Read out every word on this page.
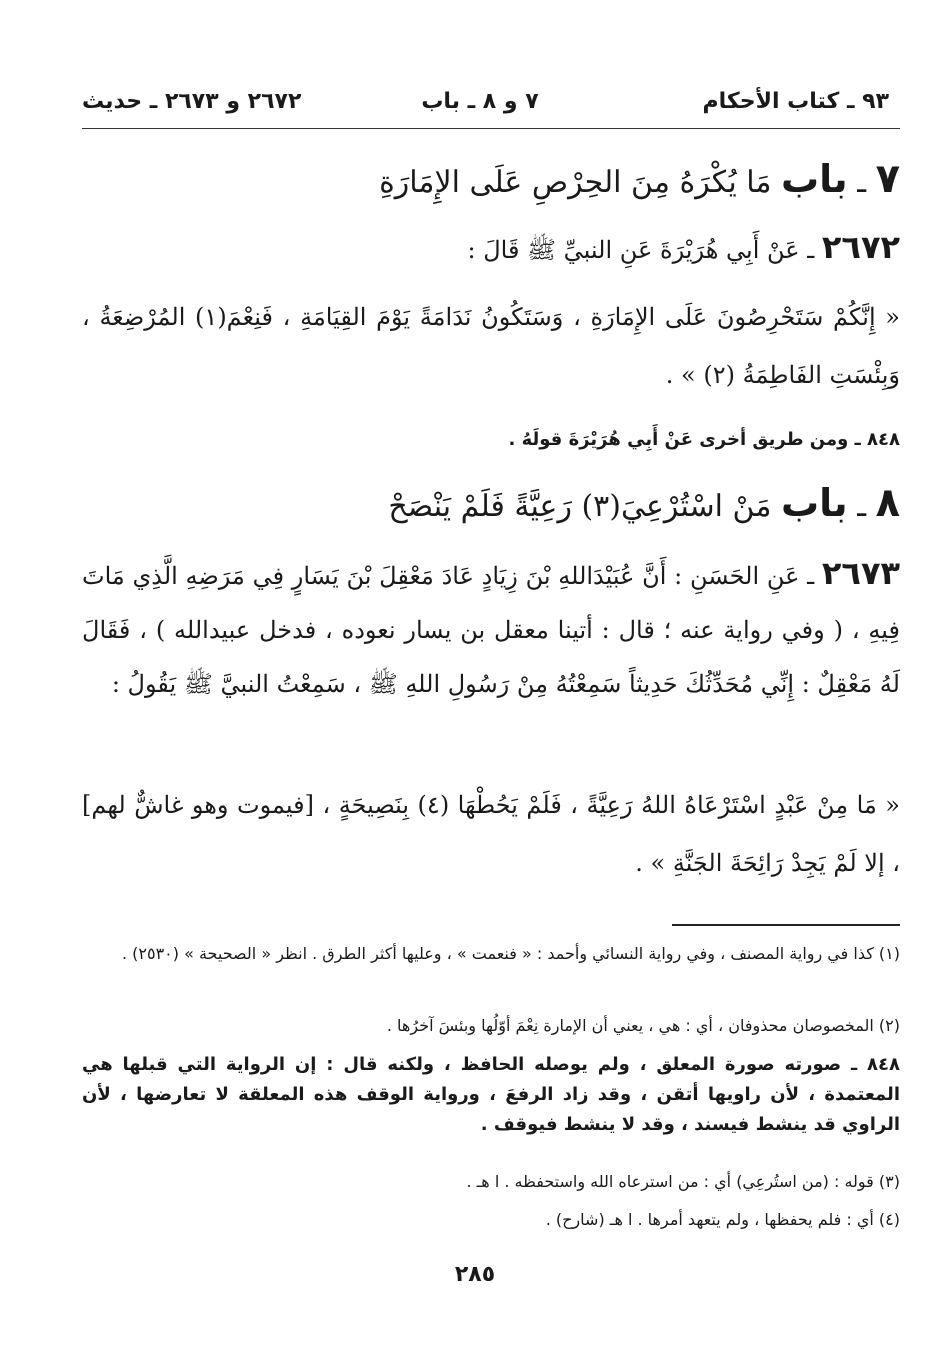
٩٣ ـ كتاب الأحكام
٧ و ٨ ـ باب
٢٦٧٢ و ٢٦٧٣ ـ حديث
٧ ـ باب مَا يُكْرَهُ مِنَ الحِرْصِ عَلَى الإِمَارَةِ
٢٦٧٢ ـ عَنْ أَبِي هُرَيْرَةَ عَنِ النبيِّ ﷺ قَالَ :
« إِنَّكُمْ سَتَحْرِصُونَ عَلَى الإِمَارَةِ ، وَسَتَكُونُ نَدَامَةً يَوْمَ القِيَامَةِ ، فَنِعْمَ(١) المُرْضِعَةُ ، وَبِئْسَتِ الفَاطِمَةُ (٢) » .
٨٤٨ ـ ومن طريق أخرى عَنْ أَبِي هُرَيْرَةَ قولَهُ .
٨ ـ باب مَنْ اسْتُرْعِيَ(٣) رَعِيَّةً فَلَمْ يَنْصَحْ
٢٦٧٣ ـ عَنِ الحَسَنِ : أَنَّ عُبَيْدَاللهِ بْنَ زِيَادٍ عَادَ مَعْقِلَ بْنَ يَسَارٍ فِي مَرَضِهِ الَّذِي مَاتَ فِيهِ ، ( وفي رواية عنه ؛ قال : أتينا معقل بن يسار نعوده ، فدخل عبيدالله ) ، فَقَالَ لَهُ مَعْقِلٌ : إِنِّي مُحَدِّثُكَ حَدِيثاً سَمِعْتُهُ مِنْ رَسُولِ اللهِ ﷺ ، سَمِعْتُ النبيَّ ﷺ يَقُولُ :
« مَا مِنْ عَبْدٍ اسْتَرْعَاهُ اللهُ رَعِيَّةً ، فَلَمْ يَحُطْهَا (٤) بِنَصِيحَةٍ ، [فيموت وهو غاشٌّ لهم] ، إلا لَمْ يَجِدْ رَائِحَةَ الجَنَّةِ » .
(١) كذا في رواية المصنف ، وفي رواية النسائي وأحمد : « فنعمت » ، وعليها أكثر الطرق . انظر « الصحيحة » (٢٥٣٠) .
(٢) المخصوصان محذوفان ، أي : هي ، يعني أن الإمارة نِعْمَ أوّلُها وبئسَ آخرُها .
٨٤٨ ـ صورته صورة المعلق ، ولم يوصله الحافظ ، ولكنه قال : إن الرواية التي قبلها هي المعتمدة ، لأن راويها أتقن ، وقد زاد الرفعَ ، ورواية الوقف هذه المعلقة لا تعارضها ، لأن الراوي قد ينشط فيسند ، وقد لا ينشط فيوقف .
(٣) قوله : (من استُرعِي) أي : من استرعاه الله واستحفظه . ا هـ .
(٤) أي : فلم يحفظها ، ولم يتعهد أمرها . ا هـ (شارح) .
٢٨٥
